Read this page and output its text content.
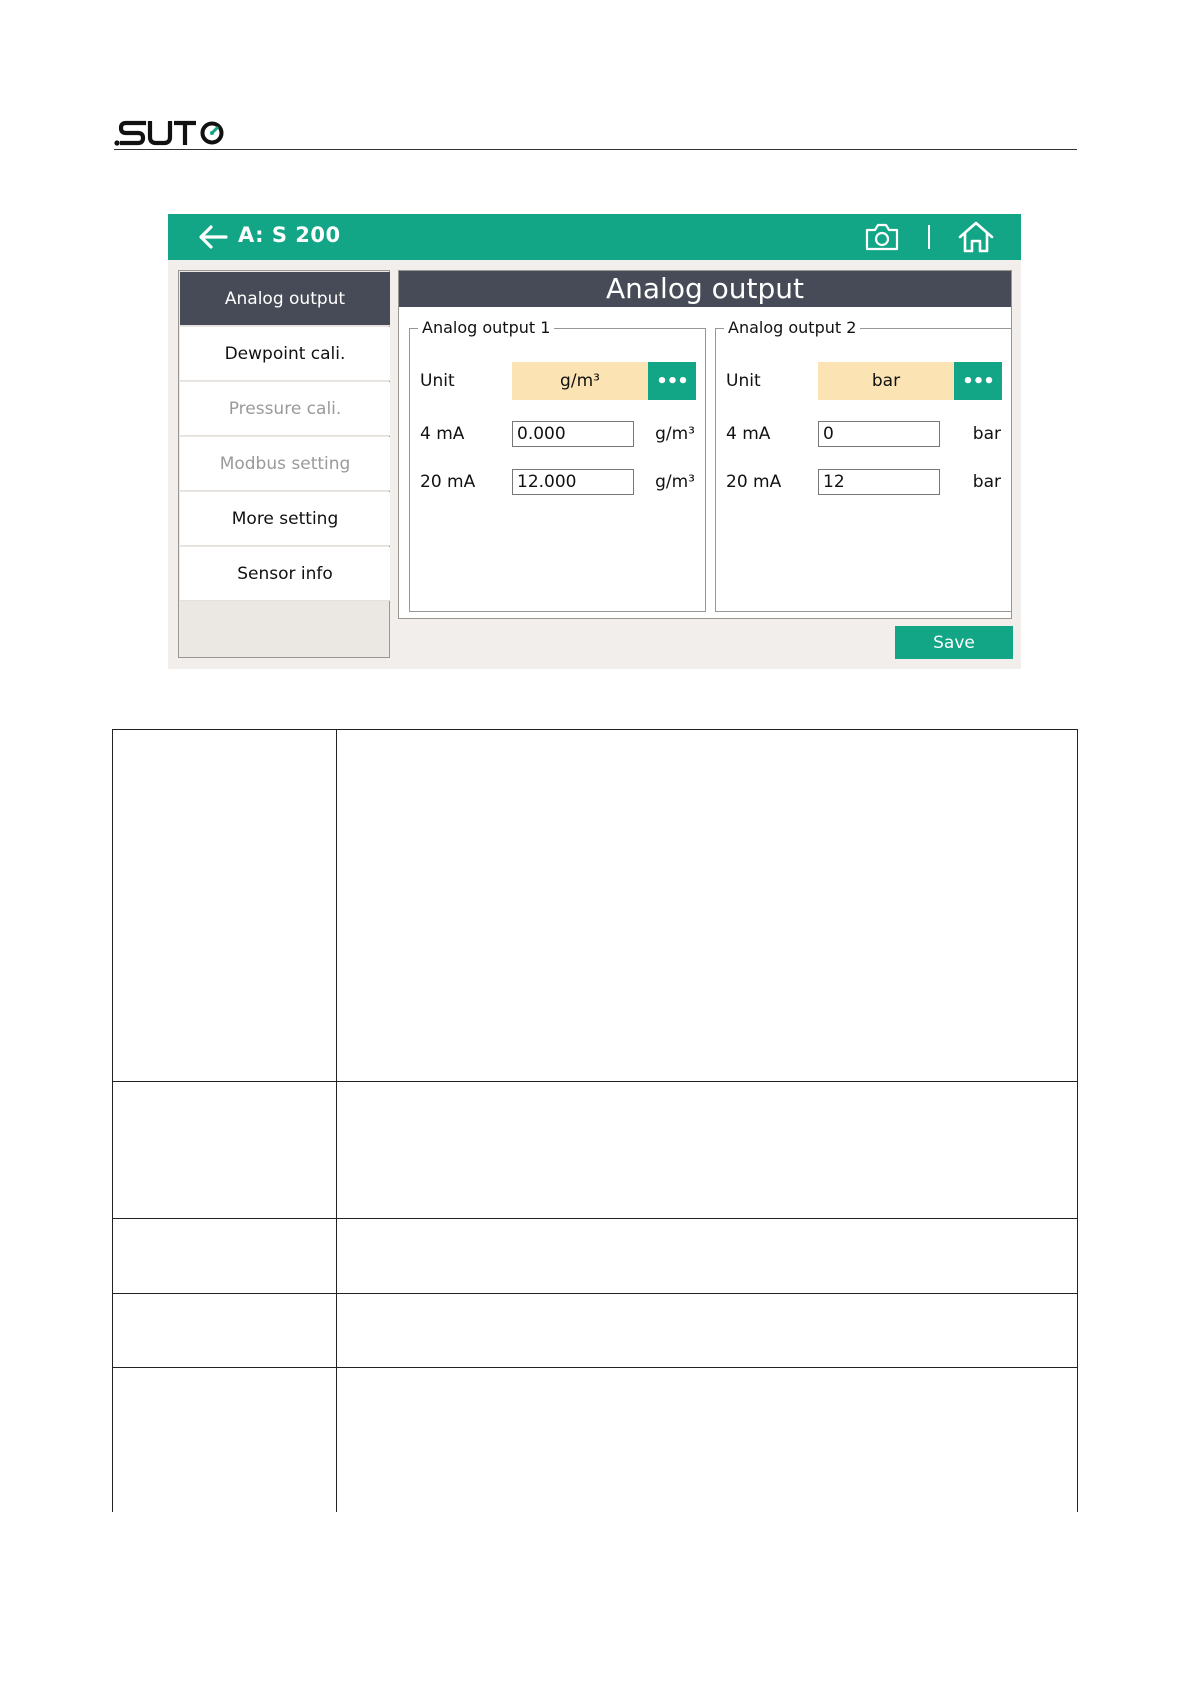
A: S 200
Analog output
Dewpoint cali.
Pressure cali.
Modbus setting
More setting
Sensor info
Analog output
Analog output 1
Unit	g/m³	•••
4 mA
0.000	g/m³
20 mA
12.000	g/m³
Analog output 2
Unit	bar	•••
4 mA
0	bar
20 mA
12	bar
Save
